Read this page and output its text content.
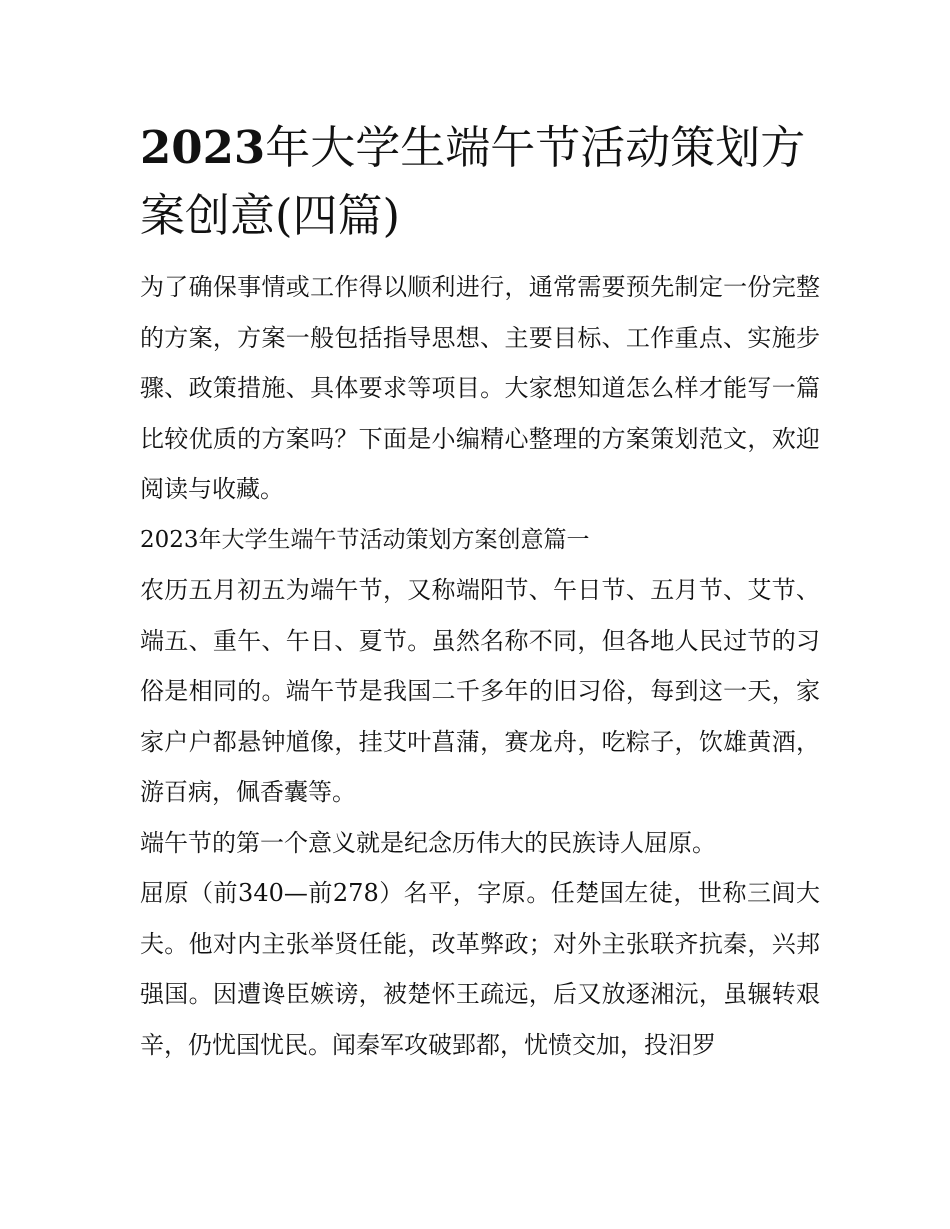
2023年大学生端午节活动策划方案创意(四篇)

为了确保事情或工作得以顺利进行，通常需要预先制定一份完整的方案，方案一般包括指导思想、主要目标、工作重点、实施步骤、政策措施、具体要求等项目。大家想知道怎么样才能写一篇比较优质的方案吗？下面是小编精心整理的方案策划范文，欢迎阅读与收藏。

2023年大学生端午节活动策划方案创意篇一

农历五月初五为端午节，又称端阳节、午日节、五月节、艾节、端五、重午、午日、夏节。虽然名称不同，但各地人民过节的习俗是相同的。端午节是我国二千多年的旧习俗，每到这一天，家家户户都悬钟馗像，挂艾叶菖蒲，赛龙舟，吃粽子，饮雄黄酒，游百病，佩香囊等。

端午节的第一个意义就是纪念历伟大的民族诗人屈原。

屈原（前340—前278）名平，字原。任楚国左徒，世称三闾大夫。他对内主张举贤任能，改革弊政；对外主张联齐抗秦，兴邦强国。因遭谗臣嫉谤，被楚怀王疏远，后又放逐湘沅，虽辗转艰辛，仍忧国忧民。闻秦军攻破郢都，忧愤交加，投汨罗
